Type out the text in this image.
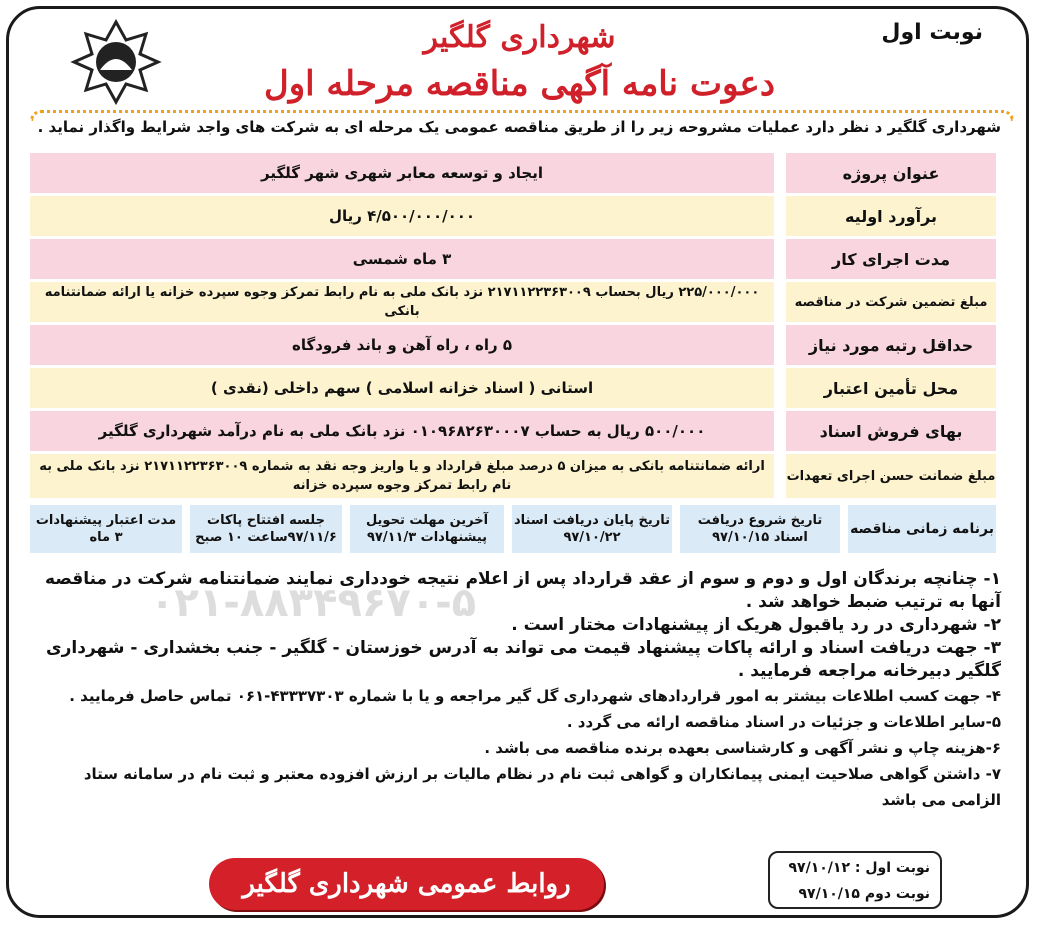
نوبت اول
شهرداری گلگیر
دعوت نامه آگهی مناقصه مرحله اول
شهرداری گلگیر د نظر دارد عملیات مشروحه زیر را از طریق مناقصه عمومی یک مرحله ای به شرکت های واجد شرایط واگذار نماید .
عنوان پروژه
ایجاد و توسعه معابر شهری شهر گلگیر
برآورد اولیه
۴/۵۰۰/۰۰۰/۰۰۰ ریال
مدت اجرای کار
۳ ماه شمسی
مبلغ تضمین شرکت در مناقصه
۲۲۵/۰۰۰/۰۰۰ ریال بحساب ۲۱۷۱۱۲۲۳۶۳۰۰۹ نزد بانک ملی به نام رابط تمرکز وجوه سپرده خزانه یا ارائه ضمانتنامه بانکی
حداقل رتبه مورد نیاز
۵ راه ، راه آهن و باند فرودگاه
محل تأمین اعتبار
استانی ( اسناد خزانه اسلامی ) سهم داخلی (نقدی )
بهای فروش اسناد
۵۰۰/۰۰۰ ریال به حساب ۰۱۰۹۶۸۲۶۳۰۰۰۷ نزد بانک ملی به نام درآمد شهرداری گلگیر
مبلغ ضمانت حسن اجرای تعهدات
ارائه ضمانتنامه بانکی به میزان ۵ درصد مبلغ قرارداد و یا واریز وجه نقد به شماره ۲۱۷۱۱۲۲۳۶۳۰۰۹ نزد بانک ملی به نام رابط تمرکز وجوه سپرده خزانه
برنامه زمانی مناقصه
تاریخ شروع دریافت
اسناد ۹۷/۱۰/۱۵
تاریخ پایان دریافت اسناد
۹۷/۱۰/۲۲
آخرین مهلت تحویل
پیشنهادات ۹۷/۱۱/۳
جلسه افتتاح پاکات
۹۷/۱۱/۶ساعت ۱۰ صبح
مدت اعتبار پیشنهادات
۳ ماه
۰۲۱-۸۸۳۴۹۶۷۰-۵

۱- چنانچه برندگان اول و دوم و سوم از عقد قرارداد پس از اعلام نتیجه خودداری نمایند ضمانتنامه شرکت در مناقصه آنها به ترتیب ضبط خواهد شد .

۲- شهرداری در رد یاقبول هریک از پیشنهادات مختار است .

۳- جهت دریافت اسناد و ارائه پاکات پیشنهاد قیمت می تواند به آدرس خوزستان - گلگیر - جنب بخشداری - شهرداری گلگیر دبیرخانه مراجعه فرمایید .

۴- جهت کسب اطلاعات بیشتر به امور قراردادهای شهرداری گل گیر مراجعه و یا با شماره ۴۳۳۳۷۳۰۳-۰۶۱ تماس حاصل فرمایید .

۵-سایر اطلاعات و جزئیات در اسناد مناقصه ارائه می گردد .

۶-هزینه چاپ و نشر آگهی و کارشناسی بعهده برنده مناقصه می باشد .

۷- داشتن گواهی صلاحیت ایمنی پیمانکاران و گواهی ثبت نام در نظام مالیات بر ارزش افزوده معتبر و ثبت نام در سامانه ستاد الزامی می باشد

نوبت اول : ۹۷/۱۰/۱۲
نوبت دوم ۹۷/۱۰/۱۵
روابط عمومی شهرداری گلگیر
